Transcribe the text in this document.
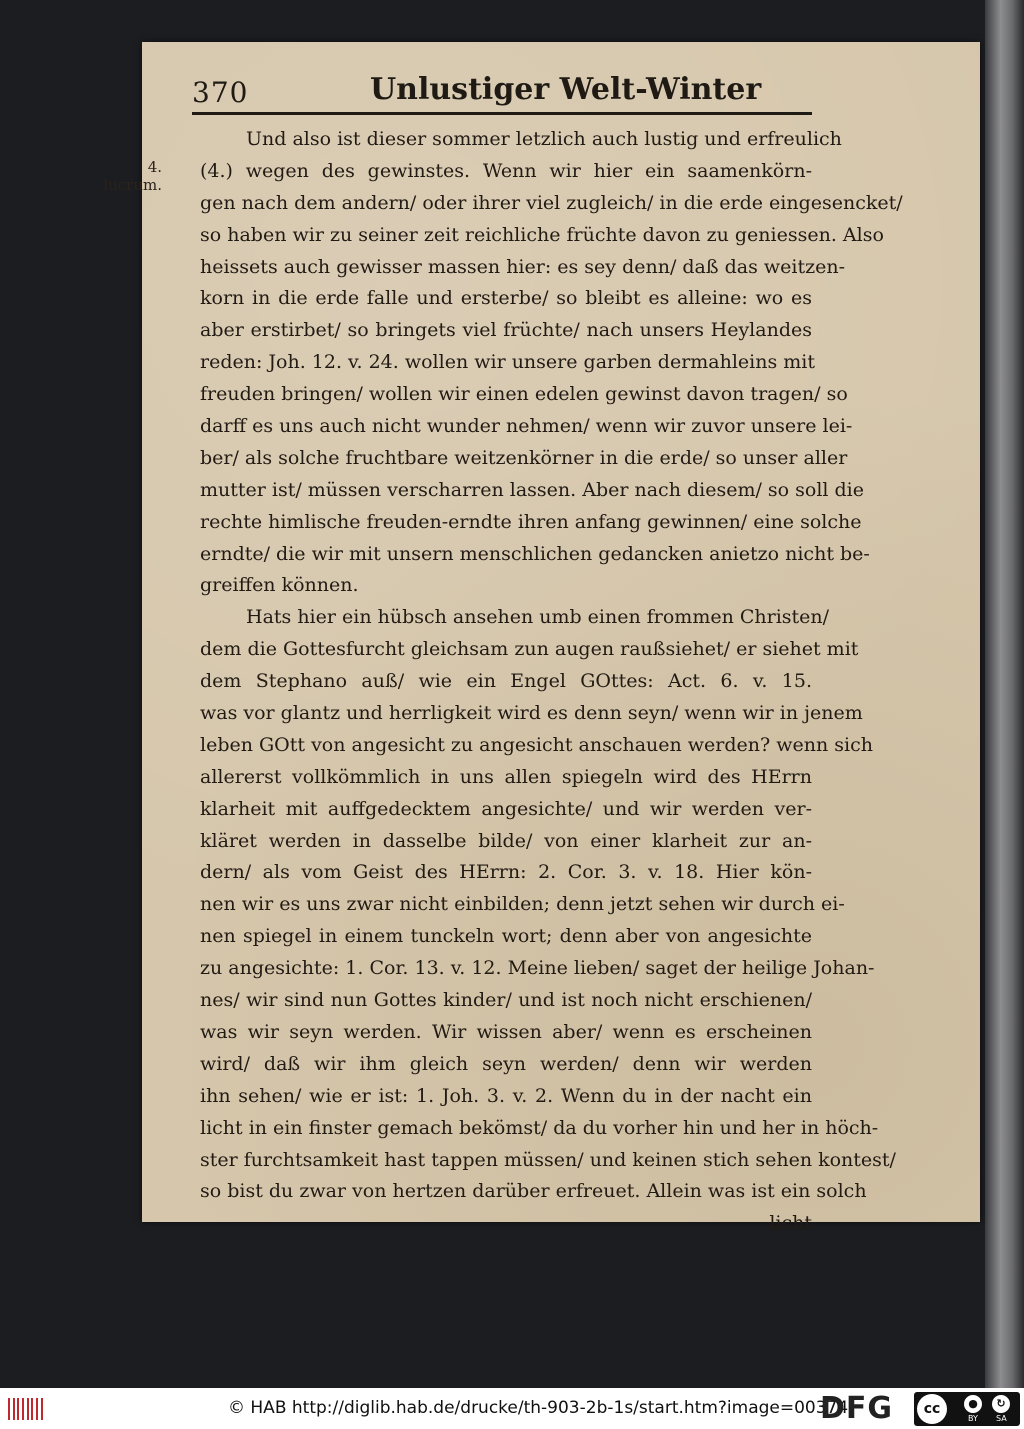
370	Unlustiger Welt-Winter
4.
lucrum.
Und also ist dieser sommer letzlich auch lustig und erfreulich
(4.) wegen des gewinstes. Wenn wir hier ein saamenkörn-
gen nach dem andern/ oder ihrer viel zugleich/ in die erde eingesencket/
so haben wir zu seiner zeit reichliche früchte davon zu geniessen. Also
heissets auch gewisser massen hier: es sey denn/ daß das weitzen-
korn in die erde falle und ersterbe/ so bleibt es alleine: wo es
aber erstirbet/ so bringets viel früchte/ nach unsers Heylandes
reden: Joh. 12. v. 24. wollen wir unsere garben dermahleins mit
freuden bringen/ wollen wir einen edelen gewinst davon tragen/ so
darff es uns auch nicht wunder nehmen/ wenn wir zuvor unsere lei-
ber/ als solche fruchtbare weitzenkörner in die erde/ so unser aller
mutter ist/ müssen verscharren lassen. Aber nach diesem/ so soll die
rechte himlische freuden-erndte ihren anfang gewinnen/ eine solche
erndte/ die wir mit unsern menschlichen gedancken anietzo nicht be-
greiffen können.
Hats hier ein hübsch ansehen umb einen frommen Christen/
dem die Gottesfurcht gleichsam zun augen raußsiehet/ er siehet mit
dem Stephano auß/ wie ein Engel GOttes: Act. 6. v. 15.
was vor glantz und herrligkeit wird es denn seyn/ wenn wir in jenem
leben GOtt von angesicht zu angesicht anschauen werden? wenn sich
allererst vollkömmlich in uns allen spiegeln wird des HErrn
klarheit mit auffgedecktem angesichte/ und wir werden ver-
kläret werden in dasselbe bilde/ von einer klarheit zur an-
dern/ als vom Geist des HErrn: 2. Cor. 3. v. 18. Hier kön-
nen wir es uns zwar nicht einbilden; denn jetzt sehen wir durch ei-
nen spiegel in einem tunckeln wort; denn aber von angesichte
zu angesichte: 1. Cor. 13. v. 12. Meine lieben/ saget der heilige Johan-
nes/ wir sind nun Gottes kinder/ und ist noch nicht erschienen/
was wir seyn werden. Wir wissen aber/ wenn es erscheinen
wird/ daß wir ihm gleich seyn werden/ denn wir werden
ihn sehen/ wie er ist: 1. Joh. 3. v. 2. Wenn du in der nacht ein
licht in ein finster gemach bekömst/ da du vorher hin und her in höch-
ster furchtsamkeit hast tappen müssen/ und keinen stich sehen kontest/
so bist du zwar von hertzen darüber erfreuet. Allein was ist ein solch
licht
© HAB http://diglib.hab.de/drucke/th-903-2b-1s/start.htm?image=00374
DFG	cc	●	↻
BY SA
